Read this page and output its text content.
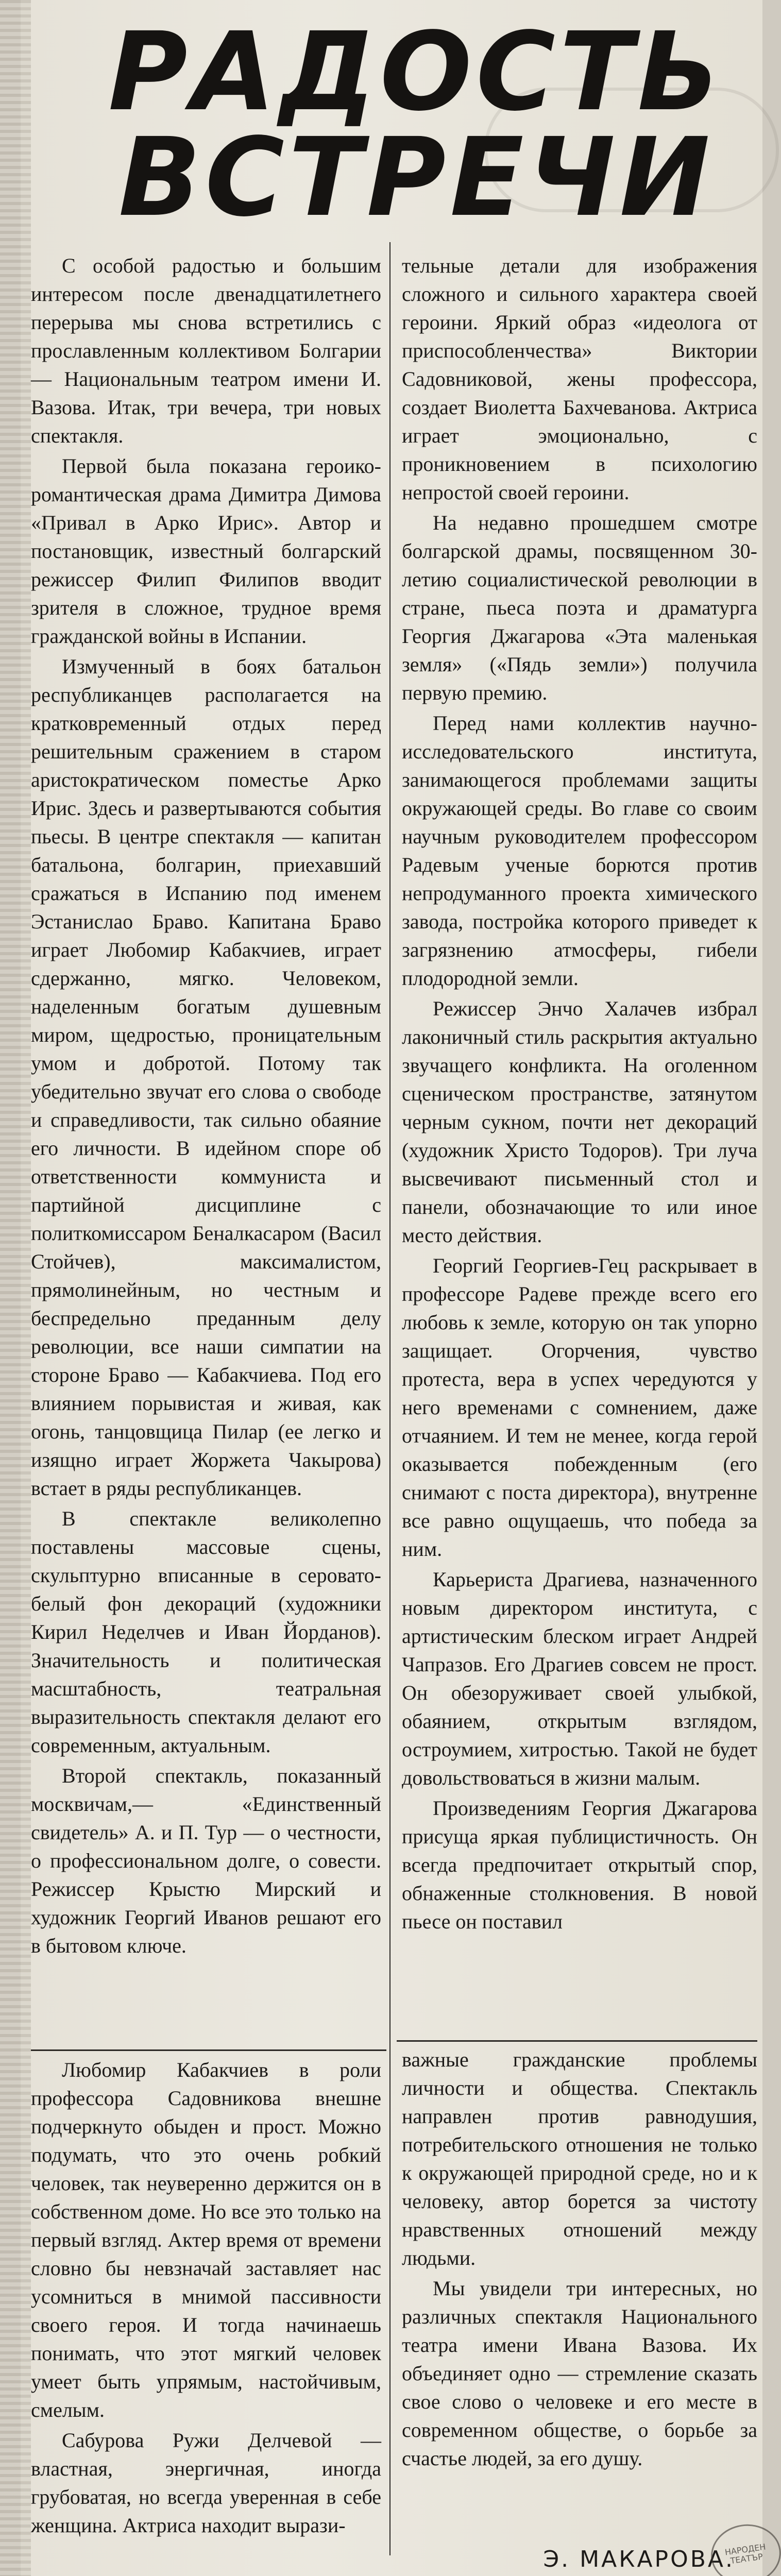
РАДОСТЬ
ВСТРЕЧИ

С особой радостью и большим интересом после двенадцатилетнего перерыва мы снова встретились с прославленным коллективом Болгарии — Национальным театром имени И. Вазова. Итак, три вечера, три новых спектакля.

Первой была показана героико-романтическая драма Димитра Димова «Привал в Арко Ирис». Автор и постановщик, известный болгарский режиссер Филип Филипов вводит зрителя в сложное, трудное время гражданской войны в Испании.

Измученный в боях батальон республиканцев располагается на кратковременный отдых перед решительным сражением в старом аристократическом поместье Арко Ирис. Здесь и развертываются события пьесы. В центре спектакля — капитан батальона, болгарин, приехавший сражаться в Испанию под именем Эстанислао Браво. Капитана Браво играет Любомир Кабакчиев, играет сдержанно, мягко. Человеком, наделенным богатым душевным миром, щедростью, проницательным умом и добротой. Потому так убедительно звучат его слова о свободе и справедливости, так сильно обаяние его личности. В идейном споре об ответственности коммуниста и партийной дисциплине с политкомиссаром Беналкасаром (Васил Стойчев), максималистом, прямолинейным, но честным и беспредельно преданным делу революции, все наши симпатии на стороне Браво — Кабакчиева. Под его влиянием порывистая и живая, как огонь, танцовщица Пилар (ее легко и изящно играет Жоржета Чакырова) встает в ряды республиканцев.

В спектакле великолепно поставлены массовые сцены, скульптурно вписанные в серовато-белый фон декораций (художники Кирил Неделчев и Иван Йорданов). Значительность и политическая масштабность, театральная выразительность спектакля делают его современным, актуальным.

Второй спектакль, показанный москвичам,— «Единственный свидетель» А. и П. Тур — о честности, о профессиональном долге, о совести. Режиссер Крыстю Мирский и художник Георгий Иванов решают его в бытовом ключе.

тельные детали для изображения сложного и сильного характера своей героини. Яркий образ «идеолога от приспособленчества» Виктории Садовниковой, жены профессора, создает Виолетта Бахчеванова. Актриса играет эмоционально, с проникновением в психологию непростой своей героини.

На недавно прошедшем смотре болгарской драмы, посвященном 30-летию социалистической революции в стране, пьеса поэта и драматурга Георгия Джагарова «Эта маленькая земля» («Пядь земли») получила первую премию.

Перед нами коллектив научно-исследовательского института, занимающегося проблемами защиты окружающей среды. Во главе со своим научным руководителем профессором Радевым ученые борются против непродуманного проекта химического завода, постройка которого приведет к загрязнению атмосферы, гибели плодородной земли.

Режиссер Энчо Халачев избрал лаконичный стиль раскрытия актуально звучащего конфликта. На оголенном сценическом пространстве, затянутом черным сукном, почти нет декораций (художник Христо Тодоров). Три луча высвечивают письменный стол и панели, обозначающие то или иное место действия.

Георгий Георгиев-Гец раскрывает в профессоре Радеве прежде всего его любовь к земле, которую он так упорно защищает. Огорчения, чувство протеста, вера в успех чередуются у него временами с сомнением, даже отчаянием. И тем не менее, когда герой оказывается побежденным (его снимают с поста директора), внутренне все равно ощущаешь, что победа за ним.

Карьериста Драгиева, назначенного новым директором института, с артистическим блеском играет Андрей Чапразов. Его Драгиев совсем не прост. Он обезоруживает своей улыбкой, обаянием, открытым взглядом, остроумием, хитростью. Такой не будет довольствоваться в жизни малым.

Произведениям Георгия Джагарова присуща яркая публицистичность. Он всегда предпочитает открытый спор, обнаженные столкновения. В новой пьесе он поставил

Любомир Кабакчиев в роли профессора Садовникова внешне подчеркнуто обыден и прост. Можно подумать, что это очень робкий человек, так неуверенно держится он в собственном доме. Но все это только на первый взгляд. Актер время от времени словно бы невзначай заставляет нас усомниться в мнимой пассивности своего героя. И тогда начинаешь понимать, что этот мягкий человек умеет быть упрямым, настойчивым, смелым.

Сабурова Ружи Делчевой — властная, энергичная, иногда грубоватая, но всегда уверенная в себе женщина. Актриса находит вырази-

важные гражданские проблемы личности и общества. Спектакль направлен против равнодушия, потребительского отношения не только к окружающей природной среде, но и к человеку, автор борется за чистоту нравственных отношений между людьми.

Мы увидели три интересных, но различных спектакля Национального театра имени Ивана Вазова. Их объединяет одно — стремление сказать свое слово о человеке и его месте в современном обществе, о борьбе за счастье людей, за его душу.

Э. МАКАРОВА.
НАРОДЕН ТЕАТЪР
